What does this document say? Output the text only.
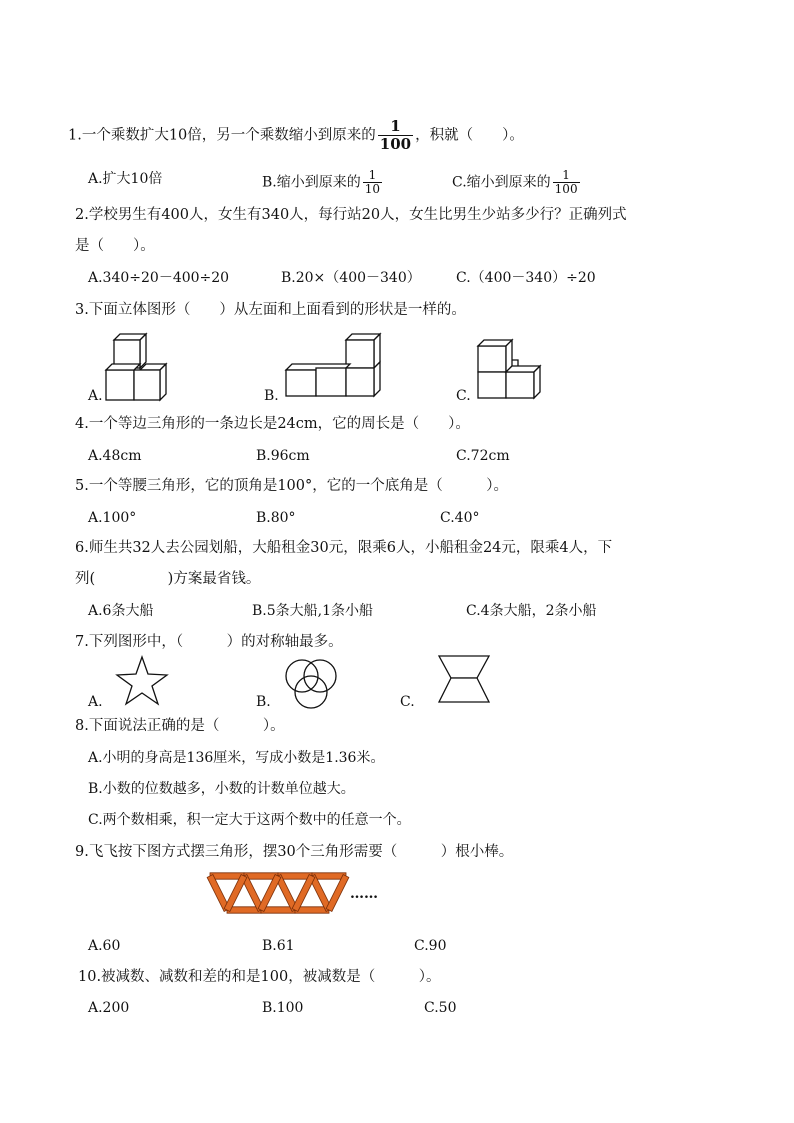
1.一个乘数扩大10倍，另一个乘数缩小到原来的 $\frac{1}{100}$ ，积就（　　）。
A.扩大10倍	B.缩小到原来的 $\frac{1}{10}$	C.缩小到原来的 $\frac{1}{100}$
2.学校男生有400人，女生有340人，每行站20人，女生比男生少站多少行？正确列式
是（　　）。
A.340÷20－400÷20	B.20×（400－340）	C.（400－340）÷20
3.下面立体图形（　　）从左面和上面看到的形状是一样的。
A.	B.	C.
4.一个等边三角形的一条边长是24cm，它的周长是（　　）。
A.48cm	B.96cm	C.72cm
5.一个等腰三角形，它的顶角是100°，它的一个底角是（　　　）。
A.100°	B.80°	C.40°
6.师生共32人去公园划船，大船租金30元，限乘6人，小船租金24元，限乘4人，下
列(　　　　　)方案最省钱。
A.6条大船	B.5条大船,1条小船	C.4条大船，2条小船
7.下列图形中，（　　　）的对称轴最多。
A.	B.	C.
8.下面说法正确的是（　　　）。
A.小明的身高是136厘米，写成小数是1.36米。
B.小数的位数越多，小数的计数单位越大。
C.两个数相乘，积一定大于这两个数中的任意一个。
9.飞飞按下图方式摆三角形，摆30个三角形需要（　　　）根小棒。
……
A.60	B.61	C.90
10.被减数、减数和差的和是100，被减数是（　　　）。
A.200	B.100	C.50
